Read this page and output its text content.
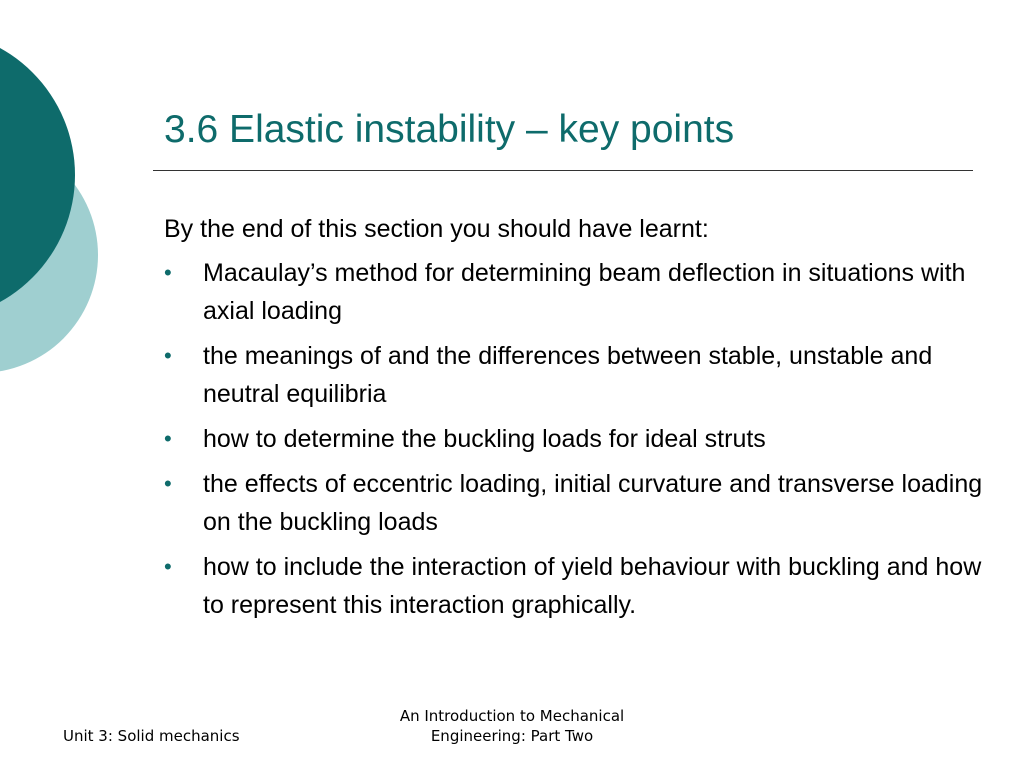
3.6 Elastic instability – key points

By the end of this section you should have learnt:

• Macaulay’s method for determining beam deflection in situations with axial loading
• the meanings of and the differences between stable, unstable and neutral equilibria
• how to determine the buckling loads for ideal struts
• the effects of eccentric loading, initial curvature and transverse loading on the buckling loads
• how to include the interaction of yield behaviour with buckling and how to represent this interaction graphically.
Unit 3: Solid mechanics
An Introduction to Mechanical
Engineering: Part Two
